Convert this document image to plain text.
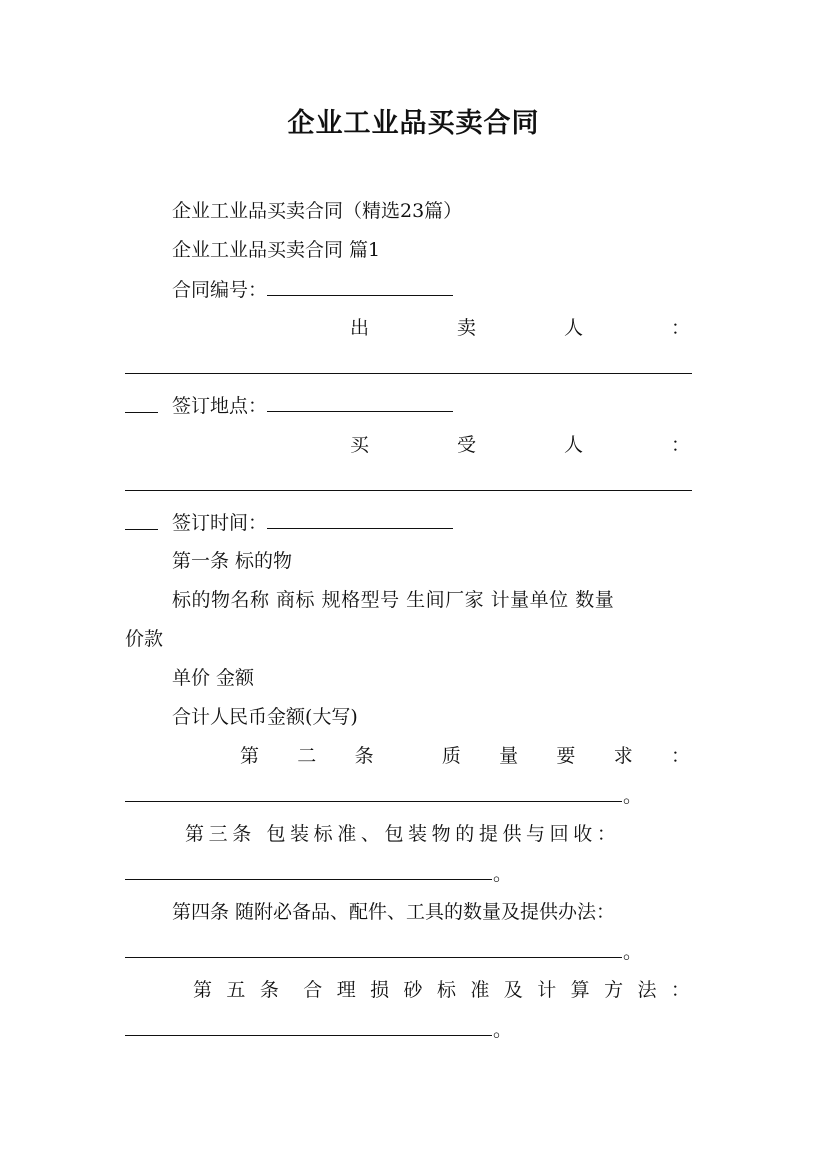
企业工业品买卖合同
企业工业品买卖合同（精选23篇）
企业工业品买卖合同 篇1
合同编号：
出	卖	人	：
签订地点：
买	受	人	：
签订时间：
第一条 标的物
标的物名称 商标 规格型号 生间厂家 计量单位 数量
价款
单价 金额
合计人民币金额(大写)
第 二 条	质 量 要 求 ：
。
第三条 包装标准、包装物的提供与回收：
。
第四条 随附必备品、配件、工具的数量及提供办法：
。
第 五 条 合 理 损 砂 标 准 及 计 算 方 法 ：
。
